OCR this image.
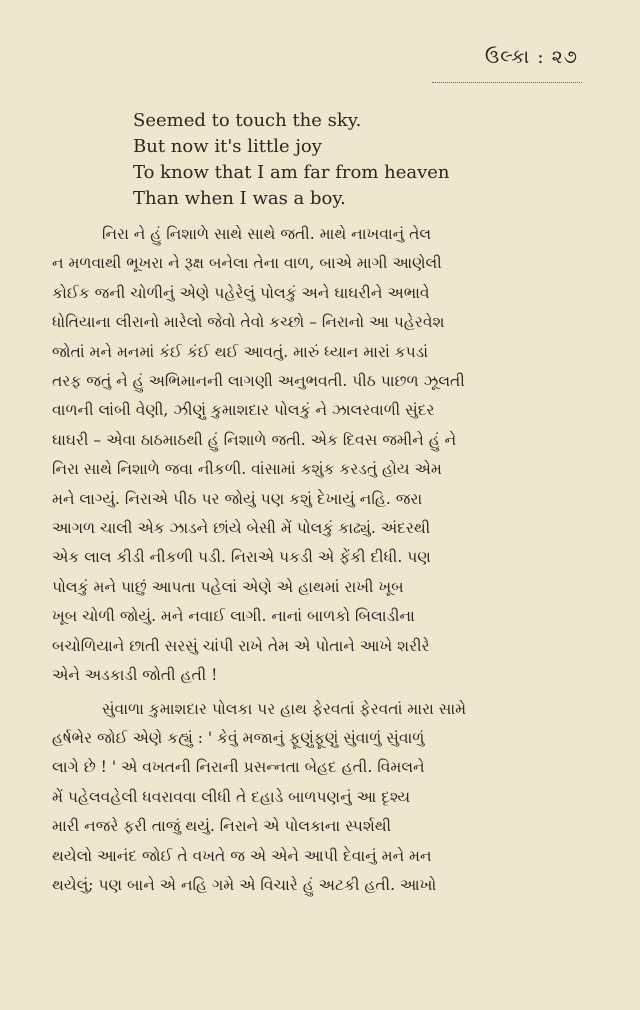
ઉલ્કા : ૨૭
Seemed to touch the sky.
But now it's little joy
To know that I am far from heaven
Than when I was a boy.
નિરા ને હું નિશાળે સાથે સાથે જતી. માથે નાખવાનું તેલ
ન મળવાથી ભૂખરા ને રૂક્ષ બનેલા તેના વાળ, બાએ માગી આણેલી
કોઈક જની ચોળીનું એણે પહેરેલું પોલકું અને ઘાઘરીને અભાવે
ધોતિયાના લીરાનો મારેલો જેવો તેવો કચ્છો – નિરાનો આ પહેરવેશ
જોતાં મને મનમાં કંઈ કંઈ થઈ આવતું. મારું ધ્યાન મારાં કપડાં
તરફ જતું ને હું અભિમાનની લાગણી અનુભવતી. પીઠ પાછળ ઝૂલતી
વાળની લાંબી વેણી, ઝીણું કુમાશદાર પોલકું ને ઝાલરવાળી સુંદર
ઘાઘરી – એવા ઠાઠમાઠથી હું નિશાળે જતી. એક દિવસ જમીને હું ને
નિરા સાથે નિશાળે જવા નીકળી. વાંસામાં કશુંક કરડતું હોય એમ
મને લાગ્યું. નિરાએ પીઠ પર જોયું પણ કશું દેખાયું નહિ. જરા
આગળ ચાલી એક ઝાડને છાંયે બેસી મેં પોલકું કાઢ્યું. અંદરથી
એક લાલ કીડી નીકળી પડી. નિરાએ પકડી એ ફેંકી દીધી. પણ
પોલકું મને પાછું આપતા પહેલાં એણે એ હાથમાં રાખી ખૂબ
ખૂબ ચોળી જોયું. મને નવાઈ લાગી. નાનાં બાળકો બિલાડીના
બચોળિયાને છાતી સરસું ચાંપી રાખે તેમ એ પોતાને આખે શરીરે
એને અડકાડી જોતી હતી !
સુંવાળા કુમાશદાર પોલકા પર હાથ ફેરવતાં ફેરવતાં મારા સામે
હર્ષભેર જોઈ એણે કહ્યું : ' કેવું મજાનું ફૂણુંફૂણું સુંવાળું સુંવાળું
લાગે છે ! ' એ વખતની નિરાની પ્રસન્નતા બેહદ હતી. વિમલને
મેં પહેલવહેલી ધવરાવવા લીધી તે દહાડે બાળપણનું આ દૃશ્ય
મારી નજરે ફરી તાજું થયું. નિરાને એ પોલકાના સ્પર્શથી
થયેલો આનંદ જોઈ તે વખતે જ એ એને આપી દેવાનું મને મન
થયેલું; પણ બાને એ નહિ ગમે એ વિચારે હું અટકી હતી. આખો
